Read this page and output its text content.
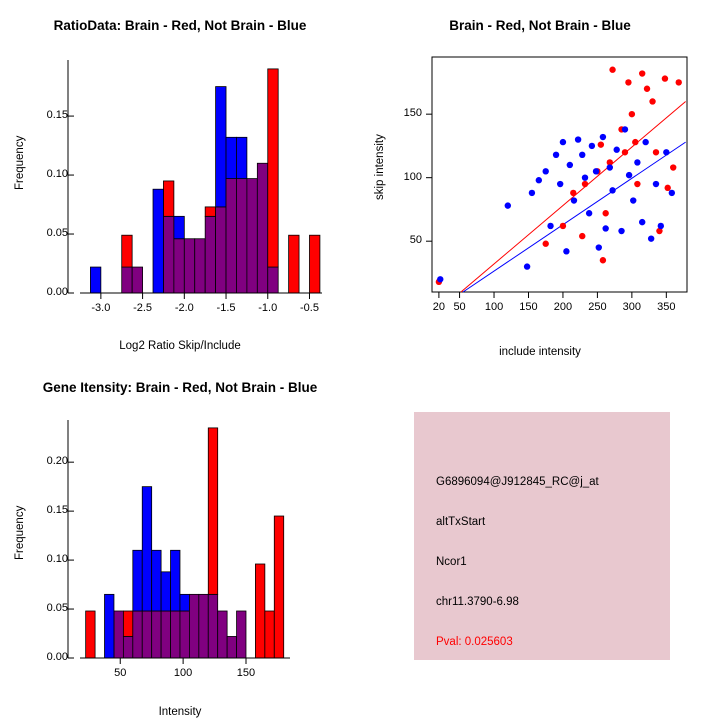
RatioData: Brain - Red, Not Brain - Blue
Frequency
Log2 Ratio Skip/Include
-3.0	-2.5	-2.0	-1.5	-1.0	-0.5
0.00
0.05
0.10
0.15
Brain - Red, Not Brain - Blue
skip intensity
include intensity
20 50	100	150	200	250	300	350
50
100
150
Gene Itensity: Brain - Red, Not Brain - Blue
Frequency
Intensity
50	100	150
0.00
0.05
0.10
0.15
0.20
G6896094@J912845_RC@j_at
altTxStart
Ncor1
chr11.3790-6.98
Pval: 0.025603
